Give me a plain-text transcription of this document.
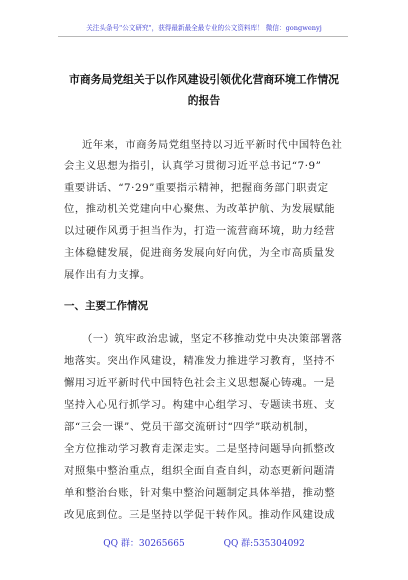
关注头条号"公文研究"，获得最新最全最专业的公文资料库！ 微信：gongwenyj
市商务局党组关于以作风建设引领优化营商环境工作情况
的报告
近年来，市商务局党组坚持以习近平新时代中国特色社
会主义思想为指引，认真学习贯彻习近平总书记“7·9”
重要讲话、“7·29”重要指示精神，把握商务部门职责定
位，推动机关党建向中心聚焦、为改革护航、为发展赋能
以过硬作风勇于担当作为，打造一流营商环境，助力经营
主体稳健发展，促进商务发展向好向优，为全市高质量发
展作出有力支撑。
一、主要工作情况
（一）筑牢政治忠诚，坚定不移推动党中央决策部署落
地落实。突出作风建设，精准发力推进学习教育，坚持不
懈用习近平新时代中国特色社会主义思想凝心铸魂。一是
坚持入心见行抓学习。构建中心组学习、专题读书班、支
部“三会一课”、党员干部交流研讨“四学”联动机制，
全方位推动学习教育走深走实。二是坚持问题导向抓整改
对照集中整治重点，组织全面自查自纠，动态更新问题清
单和整治台账，针对集中整治问题制定具体举措，推动整
改见底到位。三是坚持以学促干转作风。推动作风建设成
QQ 群：30265665	QQ 群:535304092
